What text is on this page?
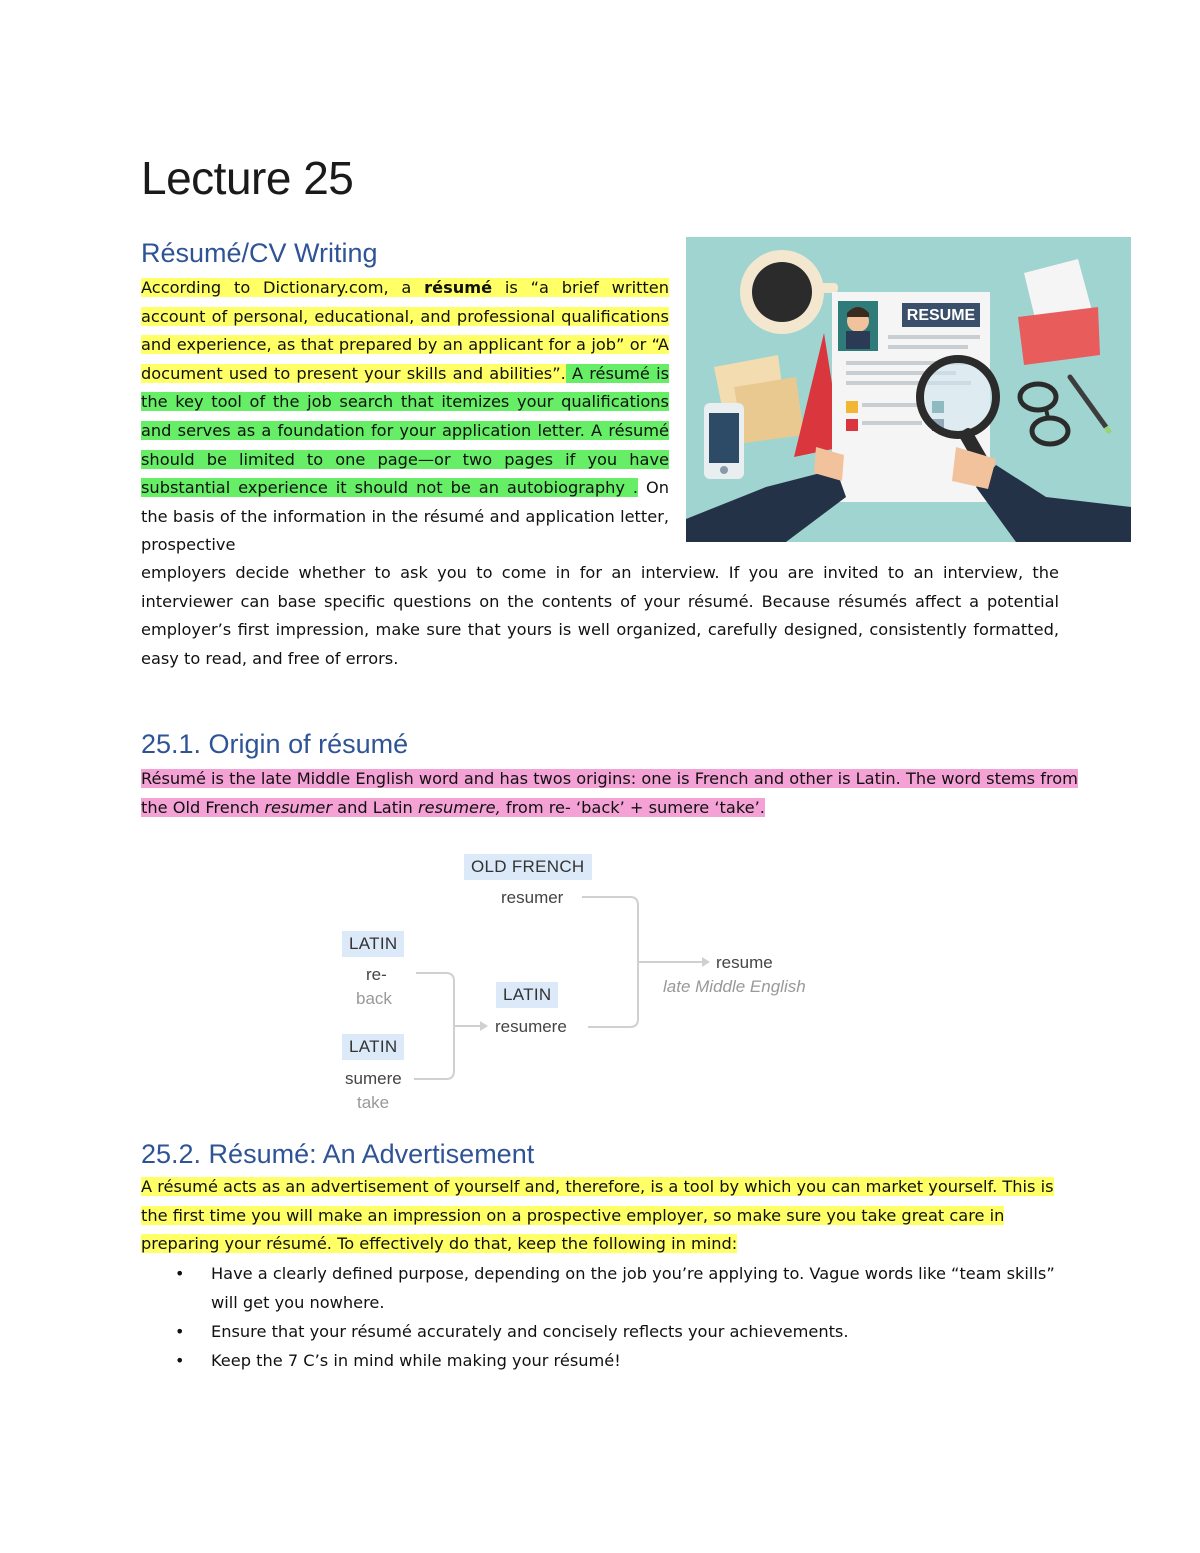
Lecture 25
Résumé/CV Writing

According to Dictionary.com, a résumé is “a brief written account of personal, educational, and professional qualifications and experience, as that prepared by an applicant for a job” or “A document used to present your skills and abilities”. A résumé is the key tool of the job search that itemizes your qualifications and serves as a foundation for your application letter. A résumé should be limited to one page—or two pages if you have substantial experience it should not be an autobiography . On the basis of the information in the résumé and application letter, prospective

employers decide whether to ask you to come in for an interview. If you are invited to an interview, the interviewer can base specific questions on the contents of your résumé. Because résumés affect a potential employer’s first impression, make sure that yours is well organized, carefully designed, consistently formatted, easy to read, and free of errors.

RESUME
25.1. Origin of résumé

Résumé is the late Middle English word and has twos origins: one is French and other is Latin. The word stems from the Old French resumer and Latin resumere, from re- ‘back’ + sumere ‘take’.

OLD FRENCH
resumer
LATIN
re-
back	LATIN
resumere
LATIN
sumere
take
resume
late Middle English
25.2. Résumé: An Advertisement

A résumé acts as an advertisement of yourself and, therefore, is a tool by which you can market yourself. This is the first time you will make an impression on a prospective employer, so make sure you take great care in preparing your résumé. To effectively do that, keep the following in mind:

• Have a clearly defined purpose, depending on the job you’re applying to. Vague words like “team skills” will get you nowhere.
• Ensure that your résumé accurately and concisely reflects your achievements.
• Keep the 7 C’s in mind while making your résumé!
